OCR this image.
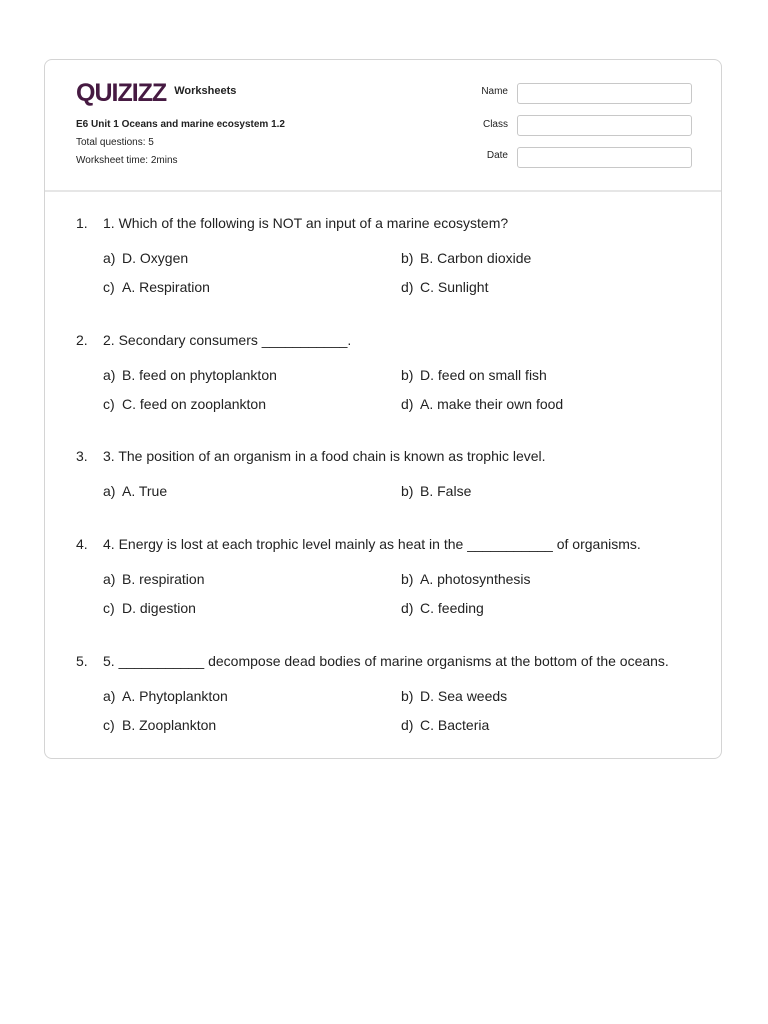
QUIZIZZ Worksheets
E6 Unit 1 Oceans and marine ecosystem 1.2
Total questions: 5
Worksheet time: 2mins
Name
Class
Date
1.	1. Which of the following is NOT an input of a marine ecosystem?
a) D. Oxygen	b) B. Carbon dioxide
c) A. Respiration	d) C. Sunlight
2.	2. Secondary consumers ___________.
a) B. feed on phytoplankton	b) D. feed on small fish
c) C. feed on zooplankton	d) A. make their own food
3.	3. The position of an organism in a food chain is known as trophic level.
a) A. True	b) B. False
4.	4. Energy is lost at each trophic level mainly as heat in the ___________ of organisms.
a) B. respiration	b) A. photosynthesis
c) D. digestion	d) C. feeding
5.	5. ___________ decompose dead bodies of marine organisms at the bottom of the oceans.
a) A. Phytoplankton	b) D. Sea weeds
c) B. Zooplankton	d) C. Bacteria
